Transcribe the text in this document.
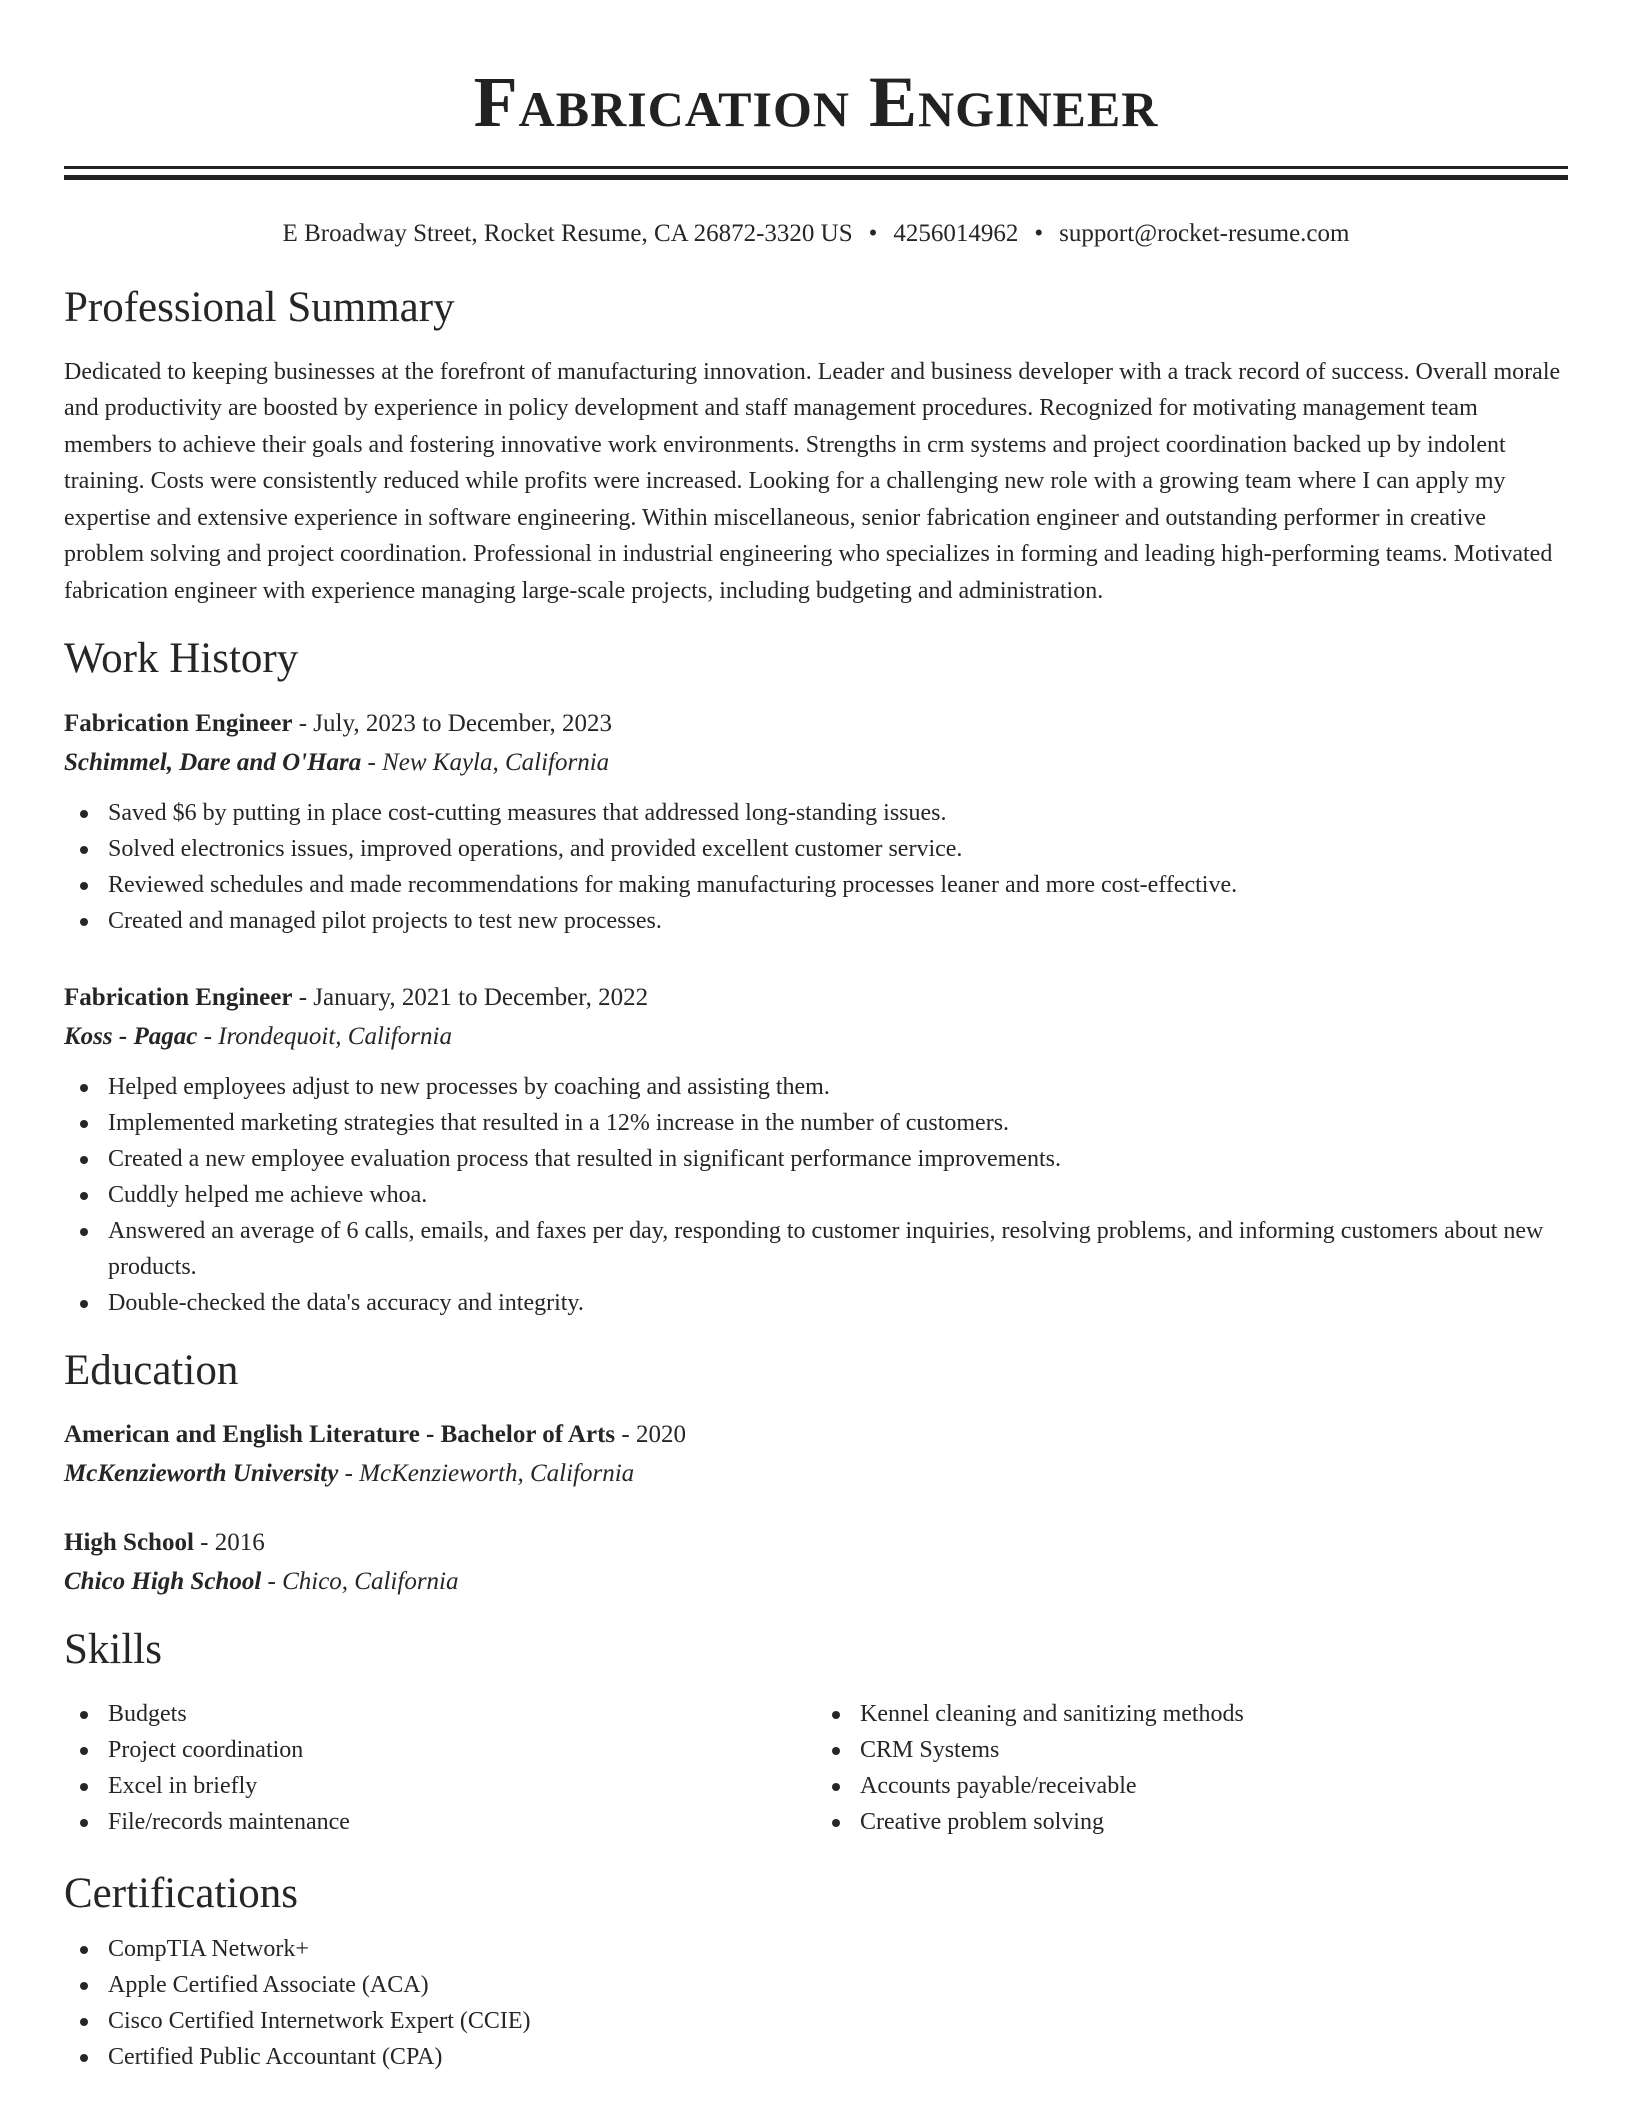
Fabrication Engineer
E Broadway Street, Rocket Resume, CA 26872-3320 US • 4256014962 • support@rocket-resume.com
Professional Summary

Dedicated to keeping businesses at the forefront of manufacturing innovation. Leader and business developer with a track record of success. Overall morale and productivity are boosted by experience in policy development and staff management procedures. Recognized for motivating management team members to achieve their goals and fostering innovative work environments. Strengths in crm systems and project coordination backed up by indolent training. Costs were consistently reduced while profits were increased. Looking for a challenging new role with a growing team where I can apply my expertise and extensive experience in software engineering. Within miscellaneous, senior fabrication engineer and outstanding performer in creative problem solving and project coordination. Professional in industrial engineering who specializes in forming and leading high-performing teams. Motivated fabrication engineer with experience managing large-scale projects, including budgeting and administration.

Work History
Fabrication Engineer - July, 2023 to December, 2023
Schimmel, Dare and O'Hara - New Kayla, California
Saved $6 by putting in place cost-cutting measures that addressed long-standing issues.
Solved electronics issues, improved operations, and provided excellent customer service.
Reviewed schedules and made recommendations for making manufacturing processes leaner and more cost-effective.
Created and managed pilot projects to test new processes.
Fabrication Engineer - January, 2021 to December, 2022
Koss - Pagac - Irondequoit, California
Helped employees adjust to new processes by coaching and assisting them.
Implemented marketing strategies that resulted in a 12% increase in the number of customers.
Created a new employee evaluation process that resulted in significant performance improvements.
Cuddly helped me achieve whoa.
Answered an average of 6 calls, emails, and faxes per day, responding to customer inquiries, resolving problems, and informing customers about new products.
Double-checked the data's accuracy and integrity.
Education
American and English Literature - Bachelor of Arts - 2020
McKenzieworth University - McKenzieworth, California
High School - 2016
Chico High School - Chico, California
Skills
Budgets
Project coordination
Excel in briefly
File/records maintenance
Kennel cleaning and sanitizing methods
CRM Systems
Accounts payable/receivable
Creative problem solving
Certifications
CompTIA Network+
Apple Certified Associate (ACA)
Cisco Certified Internetwork Expert (CCIE)
Certified Public Accountant (CPA)
